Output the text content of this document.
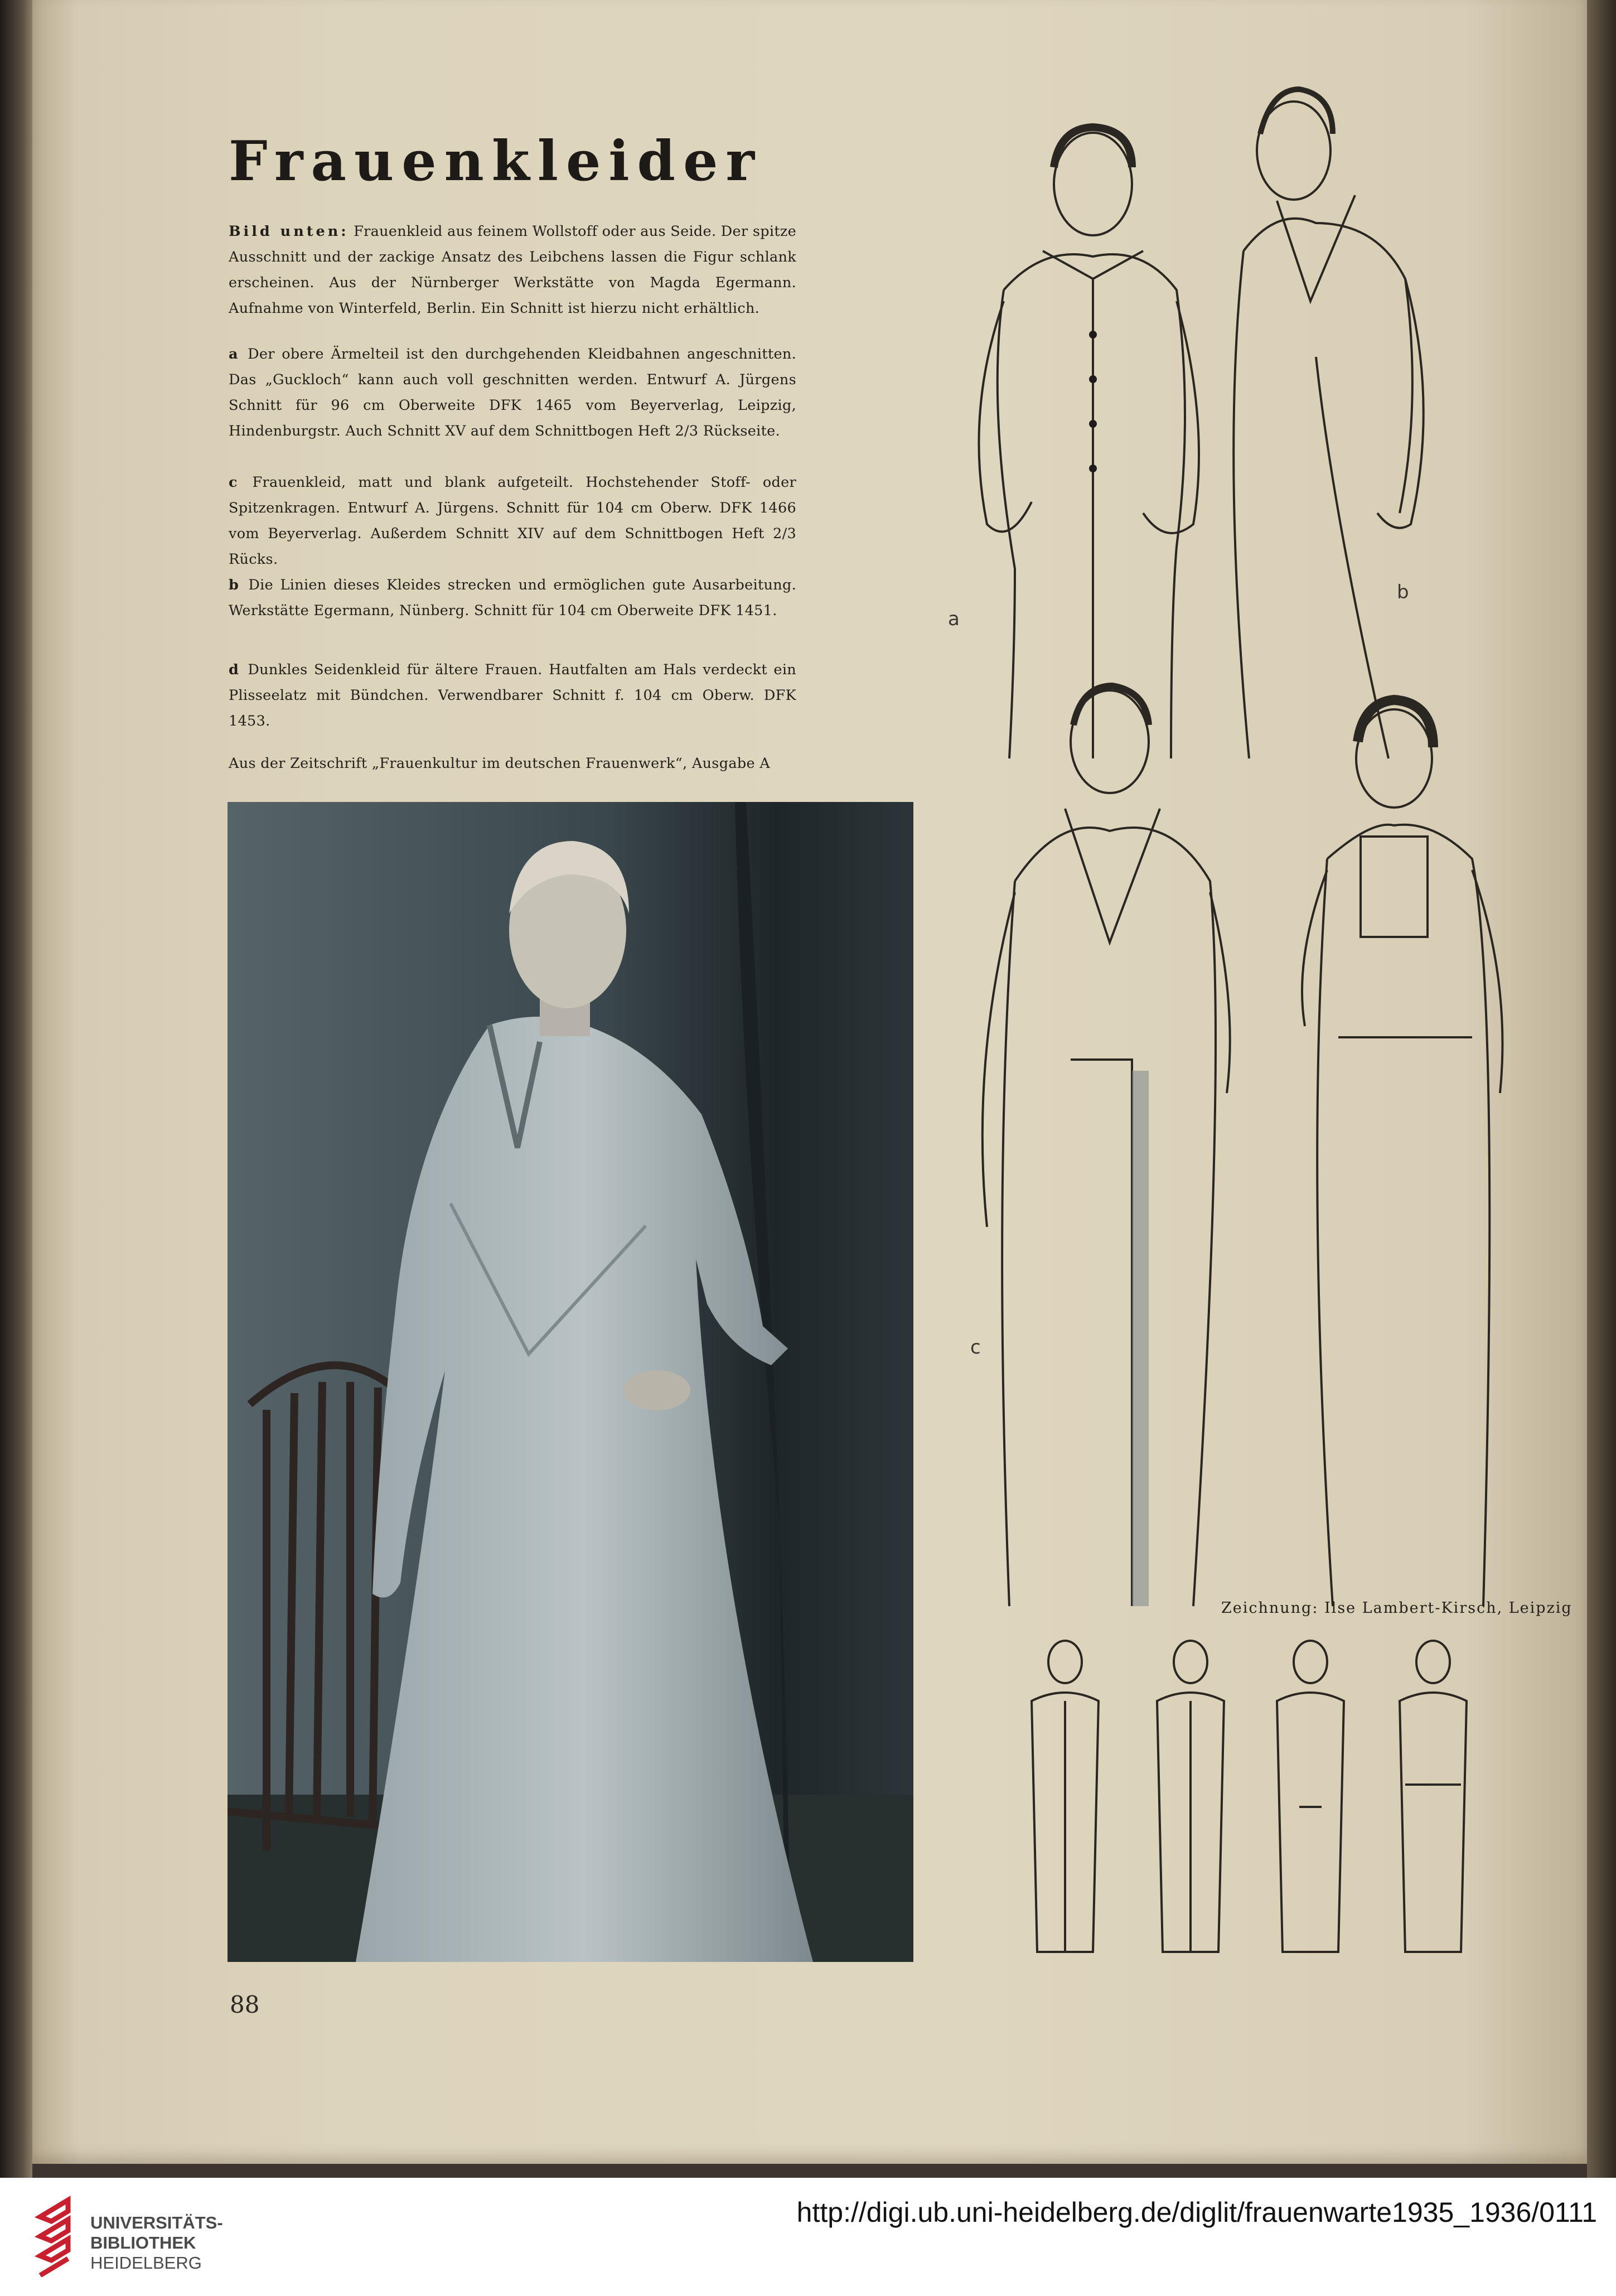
Frauenkleider

Bild unten: Frauenkleid aus feinem Wollstoff oder aus Seide. Der spitze Ausschnitt und der zackige Ansatz des Leibchens lassen die Figur schlank erscheinen. Aus der Nürnberger Werkstätte von Magda Egermann. Aufnahme von Winterfeld, Berlin. Ein Schnitt ist hierzu nicht erhältlich.

a Der obere Ärmelteil ist den durchgehenden Kleidbahnen angeschnitten. Das „Guckloch“ kann auch voll geschnitten werden. Entwurf A. Jürgens Schnitt für 96 cm Oberweite DFK 1465 vom Beyerverlag, Leipzig, Hindenburgstr. Auch Schnitt XV auf dem Schnittbogen Heft 2/3 Rückseite.

c Frauenkleid, matt und blank aufgeteilt. Hochstehender Stoff- oder Spitzenkragen. Entwurf A. Jürgens. Schnitt für 104 cm Oberw. DFK 1466 vom Beyerverlag. Außerdem Schnitt XIV auf dem Schnittbogen Heft 2/3 Rücks.

b Die Linien dieses Kleides strecken und ermöglichen gute Ausarbeitung. Werkstätte Egermann, Nünberg. Schnitt für 104 cm Oberweite DFK 1451.

d Dunkles Seidenkleid für ältere Frauen. Hautfalten am Hals verdeckt ein Plisseelatz mit Bündchen. Verwendbarer Schnitt f. 104 cm Oberw. DFK 1453.

Aus der Zeitschrift „Frauenkultur im deutschen Frauenwerk“, Ausgabe A

a
b
c
Zeichnung: Ilse Lambert-Kirsch, Leipzig
88

UNIVERSITÄTS-

BIBLIOTHEK

HEIDELBERG

http://digi.ub.uni-heidelberg.de/diglit/frauenwarte1935_1936/0111
